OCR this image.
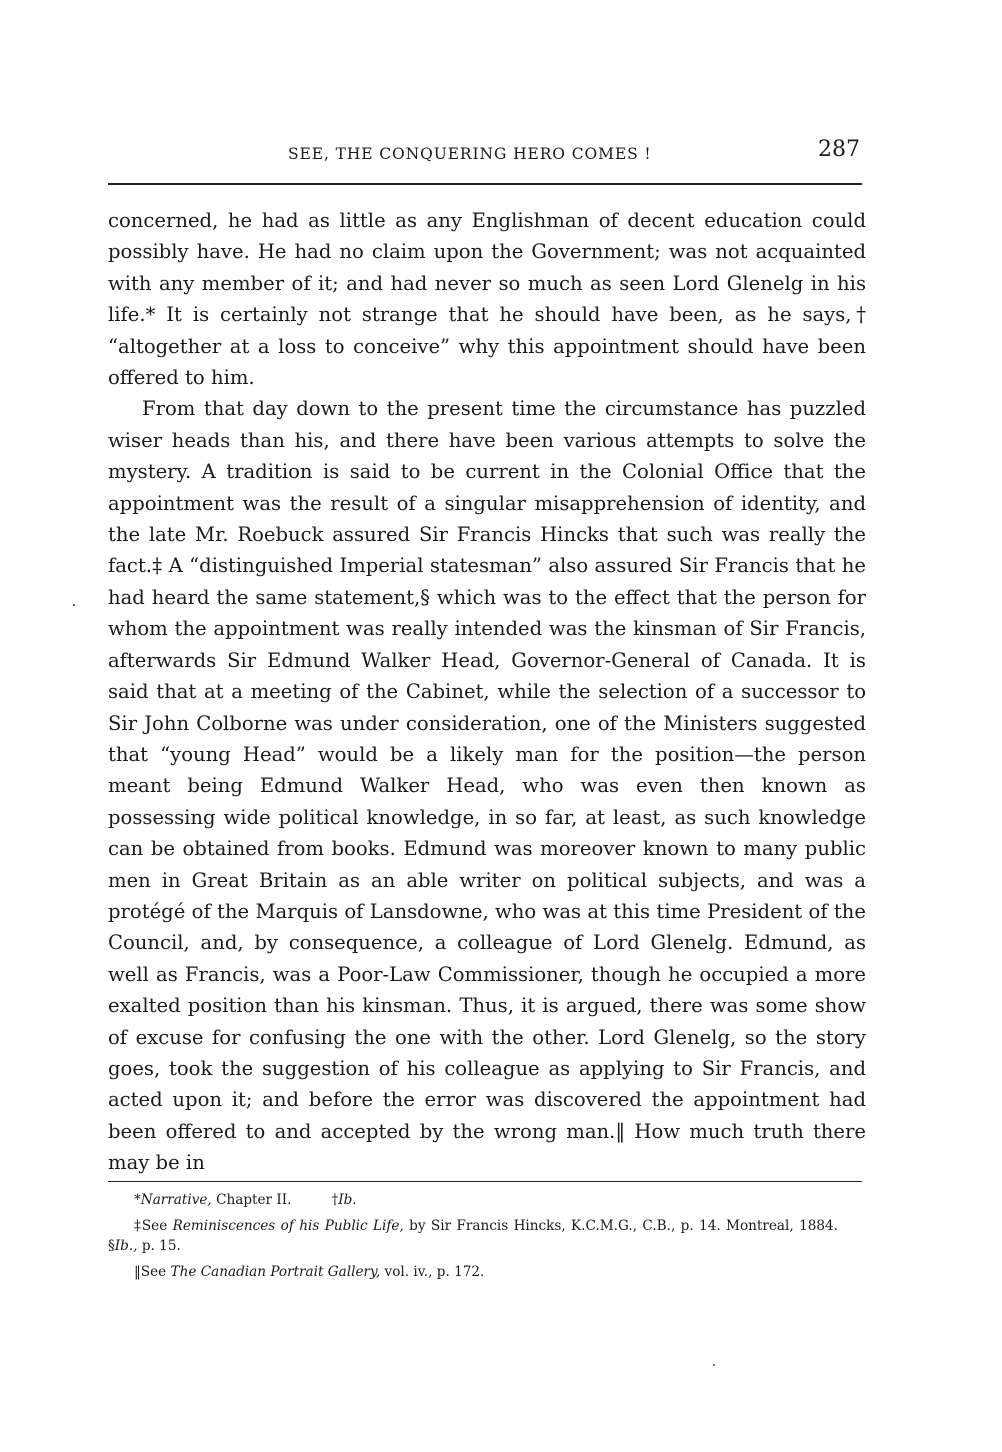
SEE, THE CONQUERING HERO COMES !	287

concerned, he had as little as any Englishman of decent education could possibly have. He had no claim upon the Government; was not acquainted with any member of it; and had never so much as seen Lord Glenelg in his life.* It is certainly not strange that he should have been, as he says,† “altogether at a loss to conceive” why this appointment should have been offered to him.

From that day down to the present time the circumstance has puzzled wiser heads than his, and there have been various attempts to solve the mystery. A tradition is said to be current in the Colonial Office that the appointment was the result of a singular misapprehension of identity, and the late Mr. Roebuck assured Sir Francis Hincks that such was really the fact.‡ A “distinguished Imperial statesman” also assured Sir Francis that he had heard the same statement,§ which was to the effect that the person for whom the appointment was really intended was the kinsman of Sir Francis, afterwards Sir Edmund Walker Head, Governor-General of Canada. It is said that at a meeting of the Cabinet, while the selection of a successor to Sir John Colborne was under consideration, one of the Ministers suggested that “young Head” would be a likely man for the position—the person meant being Edmund Walker Head, who was even then known as possessing wide political knowledge, in so far, at least, as such knowledge can be obtained from books. Edmund was moreover known to many public men in Great Britain as an able writer on political subjects, and was a protégé of the Marquis of Lansdowne, who was at this time President of the Council, and, by consequence, a colleague of Lord Glenelg. Edmund, as well as Francis, was a Poor-Law Commissioner, though he occupied a more exalted position than his kinsman. Thus, it is argued, there was some show of excuse for confusing the one with the other. Lord Glenelg, so the story goes, took the suggestion of his colleague as applying to Sir Francis, and acted upon it; and before the error was discovered the appointment had been offered to and accepted by the wrong man.‖ How much truth there may be in

*Narrative, Chapter II.	†Ib.

‡See Reminiscences of his Public Life, by Sir Francis Hincks, K.C.M.G., C.B., p. 14. Montreal, 1884.§Ib., p. 15.

‖See The Canadian Portrait Gallery, vol. iv., p. 172.
